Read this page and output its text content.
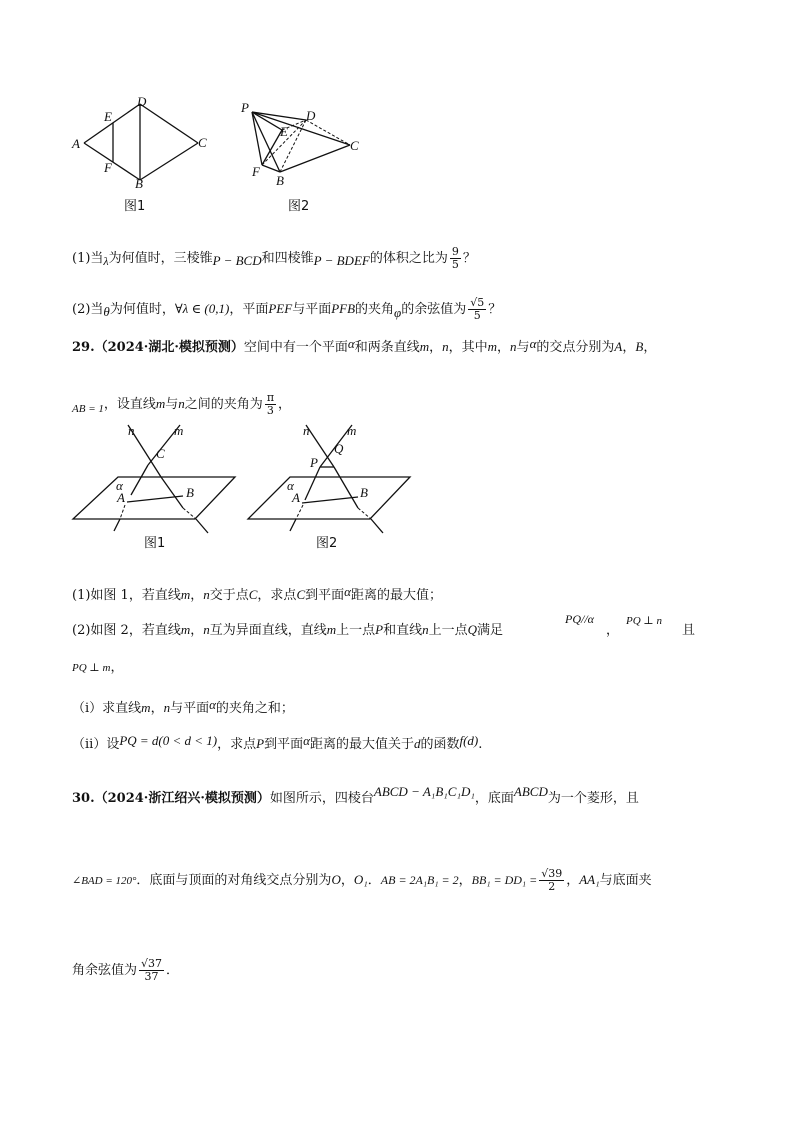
A
E
D
C
F
B
图1
P
D
E
C
F
B
图2
(1)当λ为何值时，三棱锥P − BCD和四棱锥P − BDEF的体积之比为 $\frac{9}{5}$ ？
(2)当θ为何值时，∀λ ∈ (0,1)，平面PEF与平面PFB的夹角φ的余弦值为 $\frac{√5}{5}$ ？
29.（2024·湖北·模拟预测）空间中有一个平面α和两条直线m，n，其中m，n与α的交点分别为A，B，
$_{AB = 1}$，设直线m与n之间的夹角为 $\frac{\pi}{3}$ ，
n	m
C
α
A	B
图1
n	m
Q
P
α
A	B
图2
(1)如图 1，若直线m，n交于点C，求点C到平面α距离的最大值；
(2)如图 2，若直线m，n互为异面直线，直线m上一点P和直线n上一点Q满足
PQ//α
，
PQ ⊥ n
且
PQ ⊥ m，
（i）求直线m，n与平面α的夹角之和；
（ii）设PQ = d(0 < d < 1)，求点P到平面α距离的最大值关于d的函数f(d).
30.（2024·浙江绍兴·模拟预测）如图所示，四棱台ABCD − A₁B₁C₁D₁，底面ABCD为一个菱形，且
∠BAD = 120°．底面与顶面的对角线交点分别为O，O₁．AB = 2A₁B₁ = 2，$BB_1 = DD_1 = \frac{√39}{2}$ ，AA₁与底面夹
角余弦值为 $\frac{√37}{37}$ ．
